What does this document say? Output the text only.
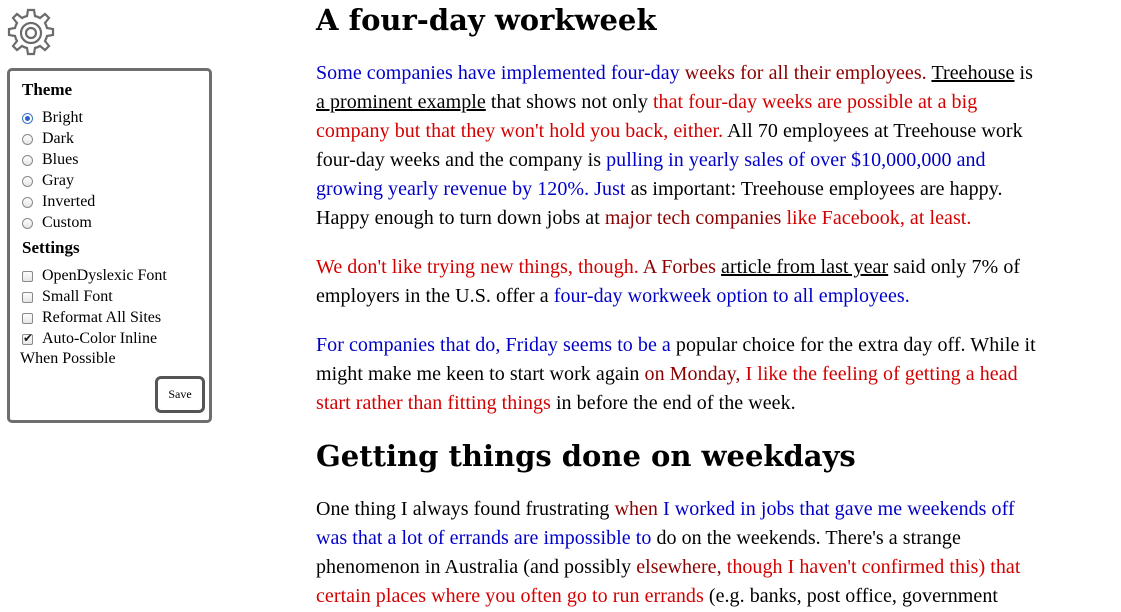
Theme
Bright
Dark
Blues
Gray
Inverted
Custom
Settings
OpenDyslexic Font
Small Font
Reformat All Sites
✔ Auto-Color Inline
When Possible
Save
A four-day workweek
Some companies have implemented four-day weeks for all their employees. Treehouse is
a prominent example that shows not only that four-day weeks are possible at a big
company but that they won't hold you back, either. All 70 employees at Treehouse work
four-day weeks and the company is pulling in yearly sales of over $10,000,000 and
growing yearly revenue by 120%. Just as important: Treehouse employees are happy.
Happy enough to turn down jobs at major tech companies like Facebook, at least.
We don't like trying new things, though. A Forbes article from last year said only 7% of
employers in the U.S. offer a four-day workweek option to all employees.
For companies that do, Friday seems to be a popular choice for the extra day off. While it
might make me keen to start work again on Monday, I like the feeling of getting a head
start rather than fitting things in before the end of the week.
Getting things done on weekdays
One thing I always found frustrating when I worked in jobs that gave me weekends off
was that a lot of errands are impossible to do on the weekends. There's a strange
phenomenon in Australia (and possibly elsewhere, though I haven't confirmed this) that
certain places where you often go to run errands (e.g. banks, post office, government
